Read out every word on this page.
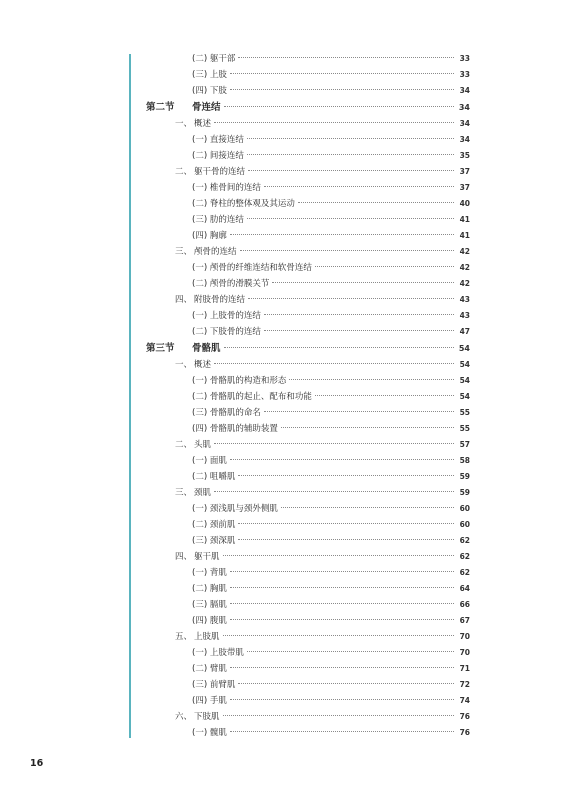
(二) 躯干部	33
(三) 上肢	33
(四) 下肢	34
第二节	骨连结	34
一、 概述	34
(一) 直接连结	34
(二) 间接连结	35
二、 躯干骨的连结	37
(一) 椎骨间的连结	37
(二) 脊柱的整体观及其运动	40
(三) 肋的连结	41
(四) 胸廓	41
三、 颅骨的连结	42
(一) 颅骨的纤维连结和软骨连结	42
(二) 颅骨的滑膜关节	42
四、 附肢骨的连结	43
(一) 上肢骨的连结	43
(二) 下肢骨的连结	47
第三节	骨骼肌	54
一、 概述	54
(一) 骨骼肌的构造和形态	54
(二) 骨骼肌的起止、配布和功能	54
(三) 骨骼肌的命名	55
(四) 骨骼肌的辅助装置	55
二、 头肌	57
(一) 面肌	58
(二) 咀嚼肌	59
三、 颈肌	59
(一) 颈浅肌与颈外侧肌	60
(二) 颈前肌	60
(三) 颈深肌	62
四、 躯干肌	62
(一) 背肌	62
(二) 胸肌	64
(三) 膈肌	66
(四) 腹肌	67
五、 上肢肌	70
(一) 上肢带肌	70
(二) 臂肌	71
(三) 前臂肌	72
(四) 手肌	74
六、 下肢肌	76
(一) 髋肌	76
16
